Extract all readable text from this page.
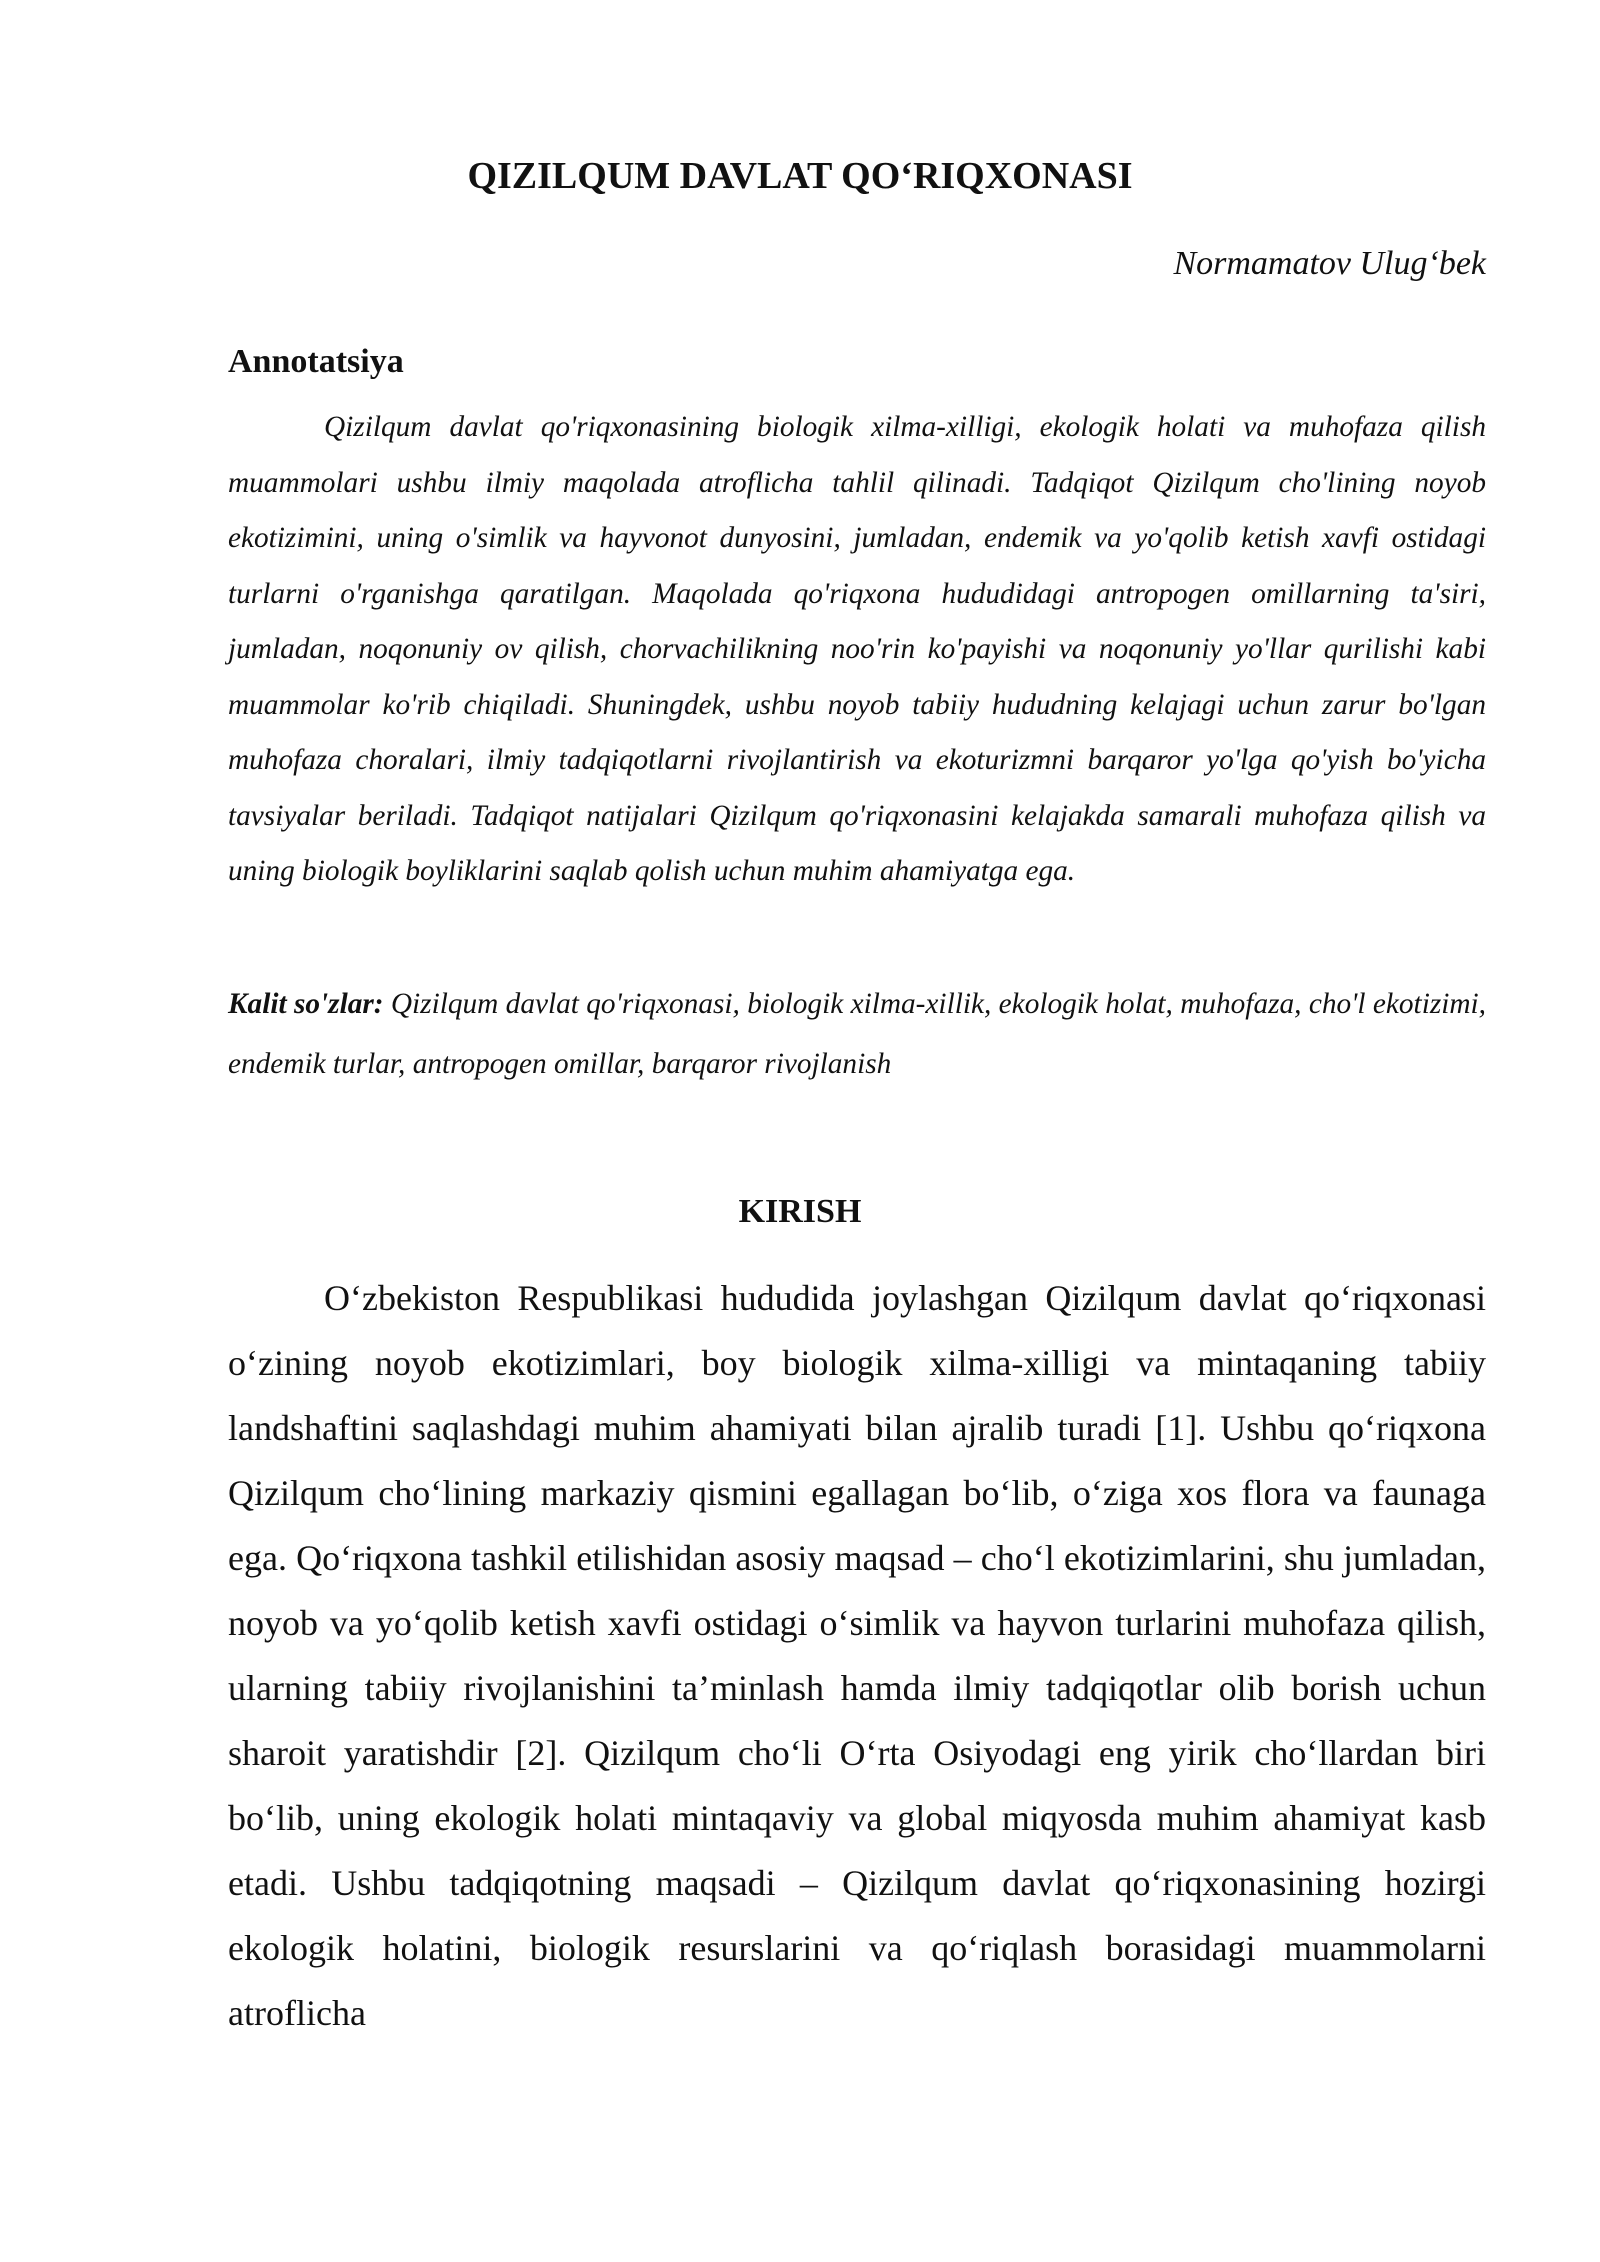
QIZILQUM DAVLAT QO‘RIQXONASI
Normamatov Ulug‘bek
Annotatsiya

Qizilqum davlat qo'riqxonasining biologik xilma-xilligi, ekologik holati va muhofaza qilish muammolari ushbu ilmiy maqolada atroflicha tahlil qilinadi. Tadqiqot Qizilqum cho'lining noyob ekotizimini, uning o'simlik va hayvonot dunyosini, jumladan, endemik va yo'qolib ketish xavfi ostidagi turlarni o'rganishga qaratilgan. Maqolada qo'riqxona hududidagi antropogen omillarning ta'siri, jumladan, noqonuniy ov qilish, chorvachilikning noo'rin ko'payishi va noqonuniy yo'llar qurilishi kabi muammolar ko'rib chiqiladi. Shuningdek, ushbu noyob tabiiy hududning kelajagi uchun zarur bo'lgan muhofaza choralari, ilmiy tadqiqotlarni rivojlantirish va ekoturizmni barqaror yo'lga qo'yish bo'yicha tavsiyalar beriladi. Tadqiqot natijalari Qizilqum qo'riqxonasini kelajakda samarali muhofaza qilish va uning biologik boyliklarini saqlab qolish uchun muhim ahamiyatga ega.

Kalit so'zlar: Qizilqum davlat qo'riqxonasi, biologik xilma-xillik, ekologik holat, muhofaza, cho'l ekotizimi, endemik turlar, antropogen omillar, barqaror rivojlanish

KIRISH

O‘zbekiston Respublikasi hududida joylashgan Qizilqum davlat qo‘riqxonasi o‘zining noyob ekotizimlari, boy biologik xilma-xilligi va mintaqaning tabiiy landshaftini saqlashdagi muhim ahamiyati bilan ajralib turadi [1]. Ushbu qo‘riqxona Qizilqum cho‘lining markaziy qismini egallagan bo‘lib, o‘ziga xos flora va faunaga ega. Qo‘riqxona tashkil etilishidan asosiy maqsad – cho‘l ekotizimlarini, shu jumladan, noyob va yo‘qolib ketish xavfi ostidagi o‘simlik va hayvon turlarini muhofaza qilish, ularning tabiiy rivojlanishini ta’minlash hamda ilmiy tadqiqotlar olib borish uchun sharoit yaratishdir [2]. Qizilqum cho‘li O‘rta Osiyodagi eng yirik cho‘llardan biri bo‘lib, uning ekologik holati mintaqaviy va global miqyosda muhim ahamiyat kasb etadi. Ushbu tadqiqotning maqsadi – Qizilqum davlat qo‘riqxonasining hozirgi ekologik holatini, biologik resurslarini va qo‘riqlash borasidagi muammolarni atroflicha
